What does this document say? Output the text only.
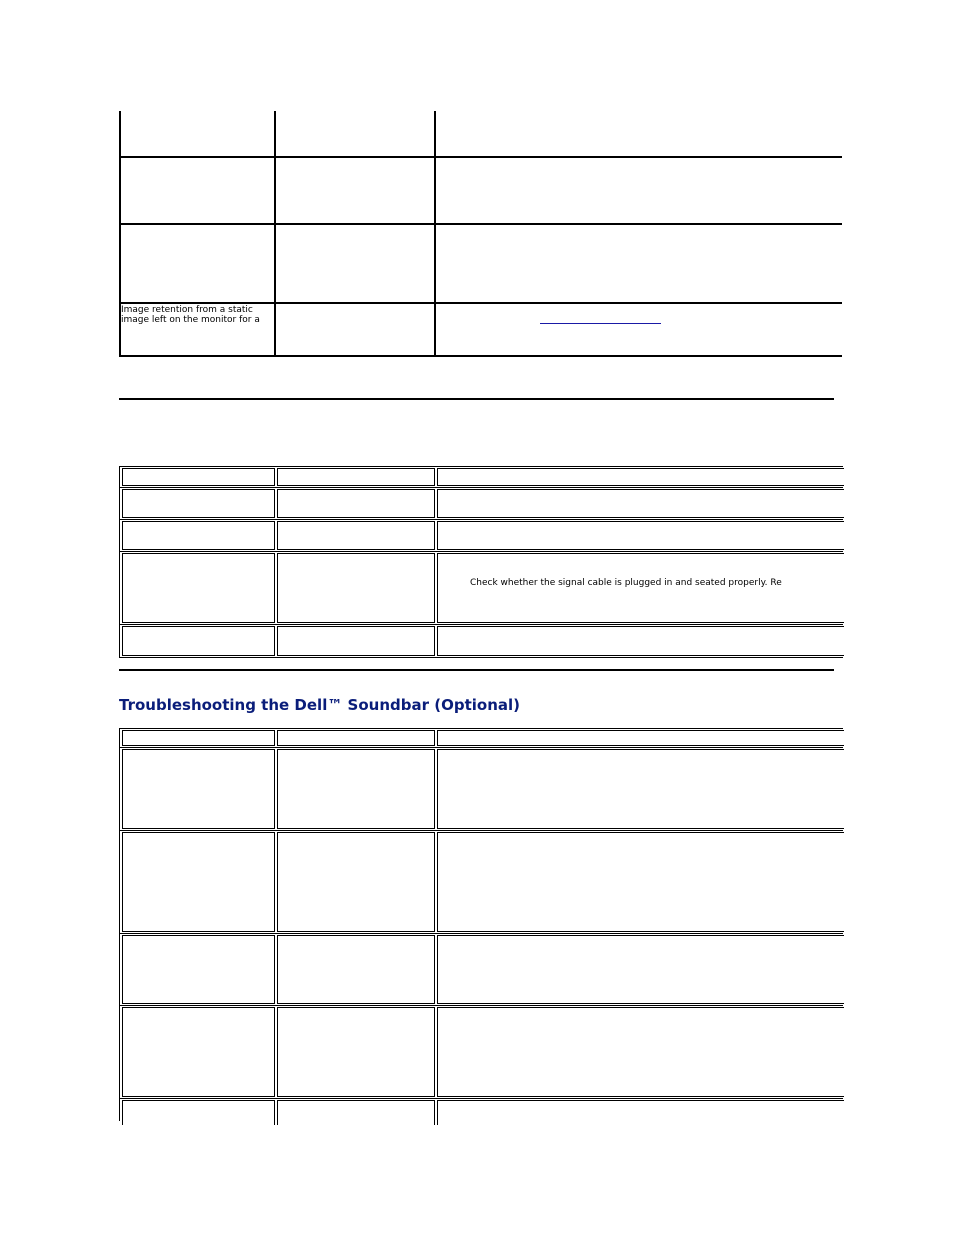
Image retention from a static
image left on the monitor for a
Check whether the signal cable is plugged in and seated properly. Re
Troubleshooting the Dell™ Soundbar (Optional)
